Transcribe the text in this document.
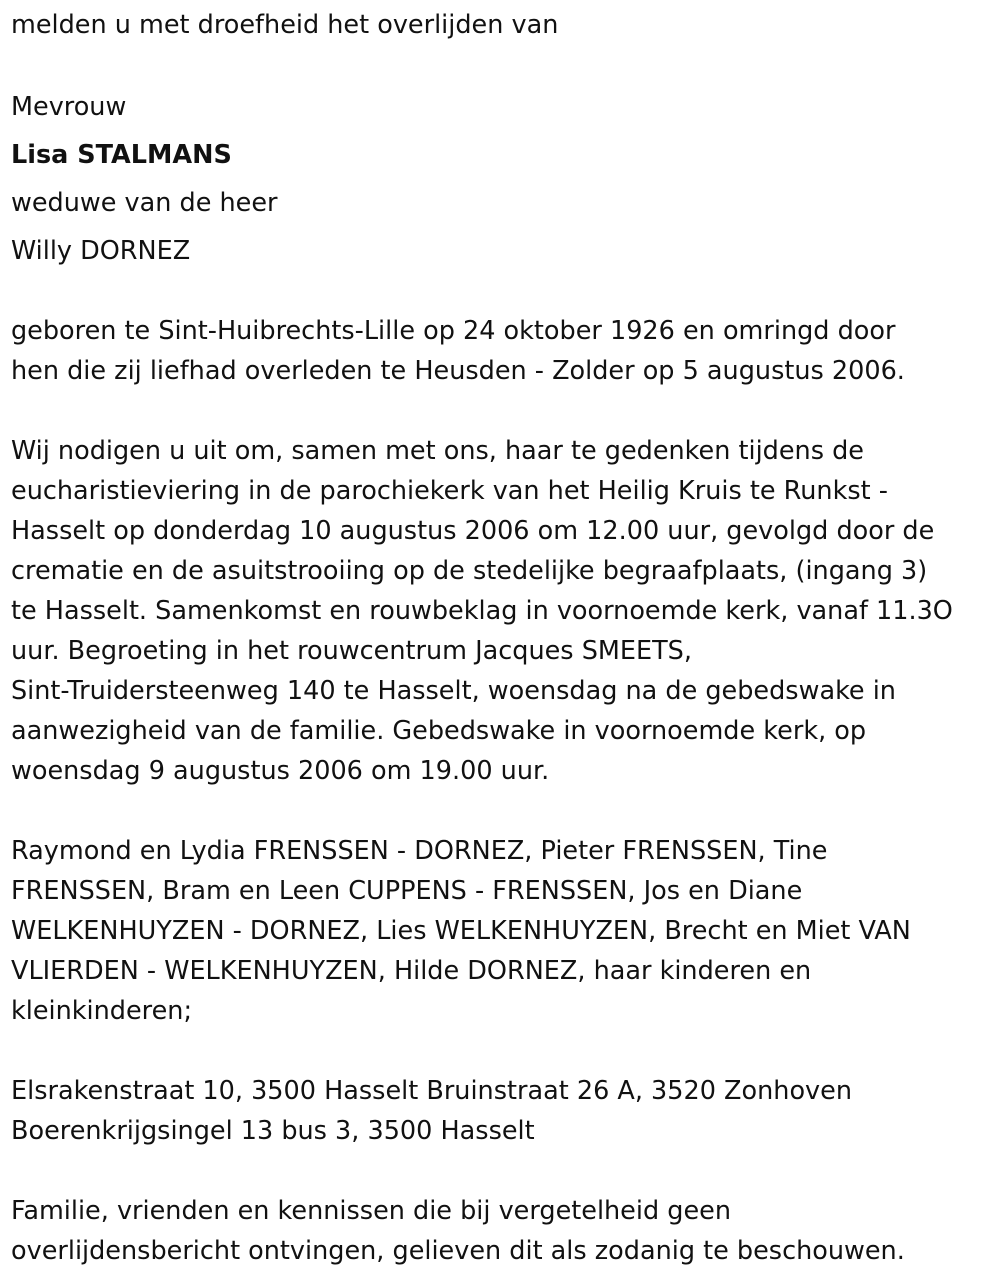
melden u met droefheid het overlijden van

Mevrouw

Lisa STALMANS

weduwe van de heer

Willy DORNEZ

geboren te Sint-Huibrechts-Lille op 24 oktober 1926 en omringd door

hen die zij liefhad overleden te Heusden - Zolder op 5 augustus 2006.

Wij nodigen u uit om, samen met ons, haar te gedenken tijdens de

eucharistieviering in de parochiekerk van het Heilig Kruis te Runkst -

Hasselt op donderdag 10 augustus 2006 om 12.00 uur, gevolgd door de

crematie en de asuitstrooiing op de stedelijke begraafplaats, (ingang 3)

te Hasselt. Samenkomst en rouwbeklag in voornoemde kerk, vanaf 11.3O

uur. Begroeting in het rouwcentrum Jacques SMEETS,

Sint-Truidersteenweg 140 te Hasselt, woensdag na de gebedswake in

aanwezigheid van de familie. Gebedswake in voornoemde kerk, op

woensdag 9 augustus 2006 om 19.00 uur.

Raymond en Lydia FRENSSEN - DORNEZ, Pieter FRENSSEN, Tine

FRENSSEN, Bram en Leen CUPPENS - FRENSSEN, Jos en Diane

WELKENHUYZEN - DORNEZ, Lies WELKENHUYZEN, Brecht en Miet VAN

VLIERDEN - WELKENHUYZEN, Hilde DORNEZ, haar kinderen en

kleinkinderen;

Elsrakenstraat 10, 3500 Hasselt Bruinstraat 26 A, 3520 Zonhoven

Boerenkrijgsingel 13 bus 3, 3500 Hasselt

Familie, vrienden en kennissen die bij vergetelheid geen

overlijdensbericht ontvingen, gelieven dit als zodanig te beschouwen.
